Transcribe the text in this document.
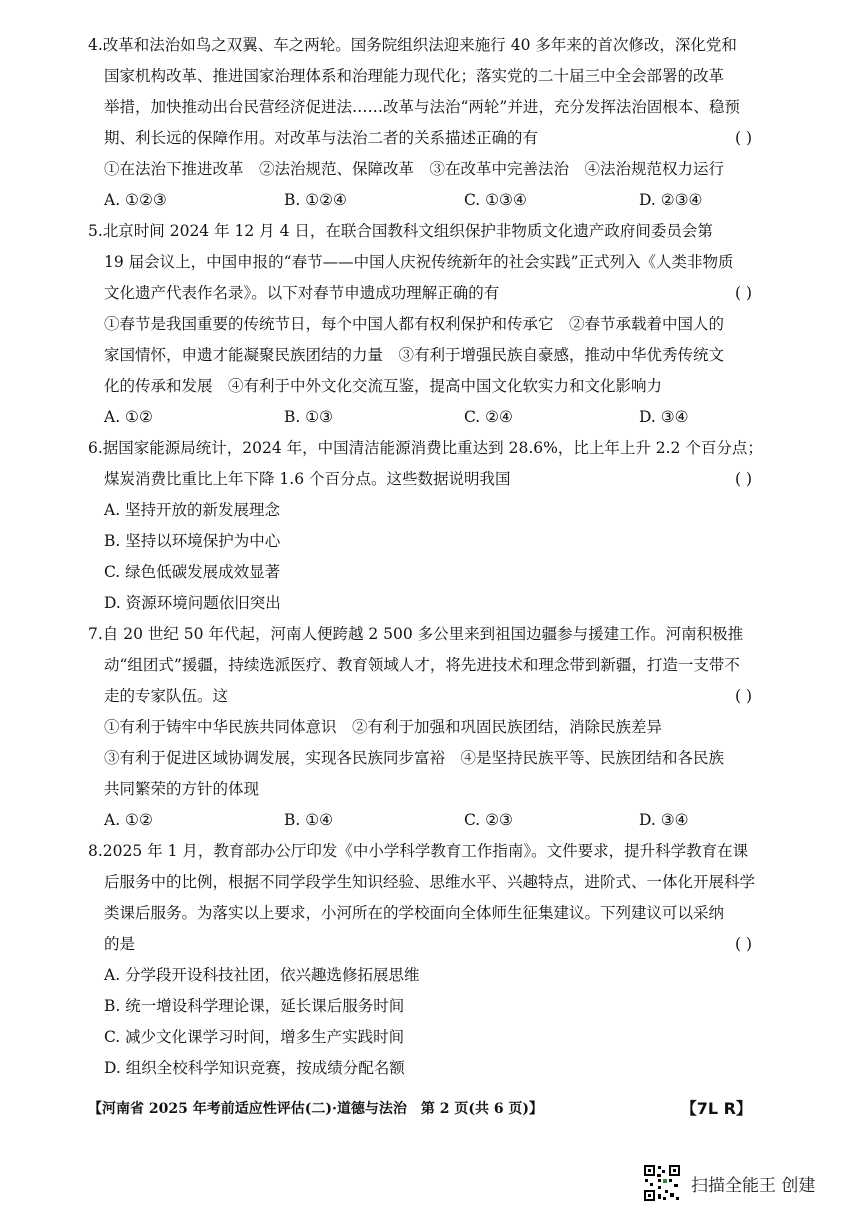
4.改革和法治如鸟之双翼、车之两轮。国务院组织法迎来施行 40 多年来的首次修改，深化党和
国家机构改革、推进国家治理体系和治理能力现代化；落实党的二十届三中全会部署的改革
举措，加快推动出台民营经济促进法……改革与法治“两轮”并进，充分发挥法治固根本、稳预
期、利长远的保障作用。对改革与法治二者的关系描述正确的有	( )
①在法治下推进改革　②法治规范、保障改革　③在改革中完善法治　④法治规范权力运行
A. ①②③	B. ①②④	C. ①③④	D. ②③④
5.北京时间 2024 年 12 月 4 日，在联合国教科文组织保护非物质文化遗产政府间委员会第
19 届会议上，中国申报的“春节——中国人庆祝传统新年的社会实践”正式列入《人类非物质
文化遗产代表作名录》。以下对春节申遗成功理解正确的有	( )
①春节是我国重要的传统节日，每个中国人都有权利保护和传承它　②春节承载着中国人的
家国情怀，申遗才能凝聚民族团结的力量　③有利于增强民族自豪感，推动中华优秀传统文
化的传承和发展　④有利于中外文化交流互鉴，提高中国文化软实力和文化影响力
A. ①②	B. ①③	C. ②④	D. ③④
6.据国家能源局统计，2024 年，中国清洁能源消费比重达到 28.6%，比上年上升 2.2 个百分点；
煤炭消费比重比上年下降 1.6 个百分点。这些数据说明我国	( )
A. 坚持开放的新发展理念
B. 坚持以环境保护为中心
C. 绿色低碳发展成效显著
D. 资源环境问题依旧突出
7.自 20 世纪 50 年代起，河南人便跨越 2 500 多公里来到祖国边疆参与援建工作。河南积极推
动“组团式”援疆，持续选派医疗、教育领域人才，将先进技术和理念带到新疆，打造一支带不
走的专家队伍。这	( )
①有利于铸牢中华民族共同体意识　②有利于加强和巩固民族团结，消除民族差异
③有利于促进区域协调发展，实现各民族同步富裕　④是坚持民族平等、民族团结和各民族
共同繁荣的方针的体现
A. ①②	B. ①④	C. ②③	D. ③④
8.2025 年 1 月，教育部办公厅印发《中小学科学教育工作指南》。文件要求，提升科学教育在课
后服务中的比例，根据不同学段学生知识经验、思维水平、兴趣特点，进阶式、一体化开展科学
类课后服务。为落实以上要求，小河所在的学校面向全体师生征集建议。下列建议可以采纳
的是	( )
A. 分学段开设科技社团，依兴趣选修拓展思维
B. 统一增设科学理论课，延长课后服务时间
C. 减少文化课学习时间，增多生产实践时间
D. 组织全校科学知识竞赛，按成绩分配名额
【河南省 2025 年考前适应性评估(二)·道德与法治　第 2 页(共 6 页)】	【7L R】
扫描全能王 创建
